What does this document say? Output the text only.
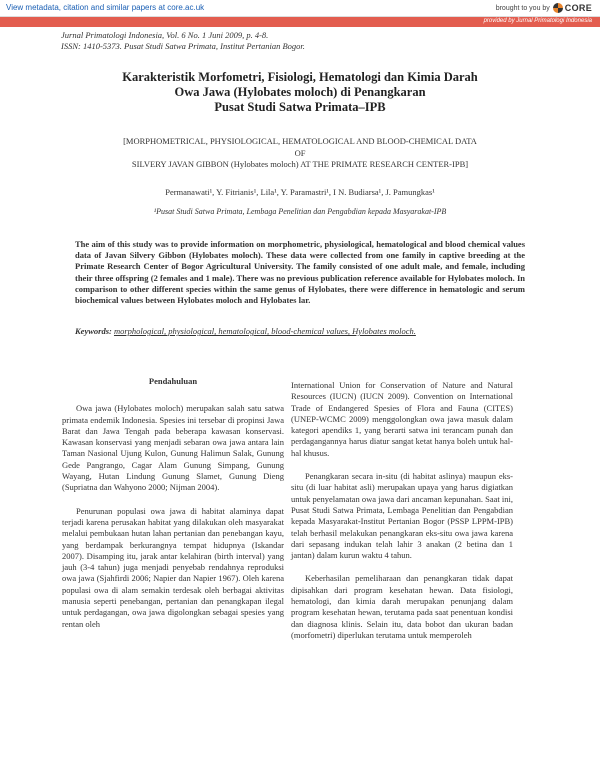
View metadata, citation and similar papers at core.ac.uk	brought to you by CORE
provided by Jurnal Primatologi Indonesia
Jurnal Primatologi Indonesia, Vol. 6 No. 1 Juni 2009, p. 4-8.
ISSN: 1410-5373. Pusat Studi Satwa Primata, Institut Pertanian Bogor.
Karakteristik Morfometri, Fisiologi, Hematologi dan Kimia Darah
Owa Jawa (Hylobates moloch) di Penangkaran
Pusat Studi Satwa Primata–IPB
[MORPHOMETRICAL, PHYSIOLOGICAL, HEMATOLOGICAL AND BLOOD-CHEMICAL DATA
OF
SILVERY JAVAN GIBBON (Hylobates moloch) AT THE PRIMATE RESEARCH CENTER-IPB]
Permanawati¹, Y. Fitrianis¹, Lila¹, Y. Paramastri¹, I N. Budiarsa¹, J. Pamungkas¹
¹Pusat Studi Satwa Primata, Lembaga Penelitian dan Pengabdian kepada Masyarakat-IPB
The aim of this study was to provide information on morphometric, physiological, hematological and blood chemical values data of Javan Silvery Gibbon (Hylobates moloch). These data were collected from one family in captive breeding at the Primate Research Center of Bogor Agricultural University. The family consisted of one adult male, and female, including their three offspring (2 females and 1 male). There was no previous publication reference available for Hylobates moloch. In comparison to other different species within the same genus of Hylobates, there were difference in hematologic and serum biochemical values between Hylobates moloch and Hylobates lar.
Keywords: morphological, physiological, hematological, blood-chemical values, Hylobates moloch.
Pendahuluan

Owa jawa (Hylobates moloch) merupakan salah satu satwa primata endemik Indonesia. Spesies ini tersebar di propinsi Jawa Barat dan Jawa Tengah pada beberapa kawasan konservasi. Kawasan konservasi yang menjadi sebaran owa jawa antara lain Taman Nasional Ujung Kulon, Gunung Halimun Salak, Gunung Gede Pangrango, Cagar Alam Gunung Simpang, Gunung Wayang, Hutan Lindung Gunung Slamet, Gunung Dieng (Supriatna dan Wahyono 2000; Nijman 2004).

Penurunan populasi owa jawa di habitat alaminya dapat terjadi karena perusakan habitat yang dilakukan oleh masyarakat melalui pembukaan hutan lahan pertanian dan penebangan kayu, yang berdampak berkurangnya tempat hidupnya (Iskandar 2007). Disamping itu, jarak antar kelahiran (birth interval) yang jauh (3-4 tahun) juga menjadi penyebab rendahnya reproduksi owa jawa (Sjahfirdi 2006; Napier dan Napier 1967). Oleh karena populasi owa di alam semakin terdesak oleh berbagai aktivitas manusia seperti penebangan, pertanian dan penangkapan ilegal untuk perdagangan, owa jawa digolongkan sebagai spesies yang rentan oleh

International Union for Conservation of Nature and Natural Resources (IUCN) (IUCN 2009). Convention on International Trade of Endangered Spesies of Flora and Fauna (CITES) (UNEP-WCMC 2009) menggolongkan owa jawa masuk dalam kategori apendiks 1, yang berarti satwa ini terancam punah dan perdagangannya harus diatur sangat ketat hanya boleh untuk hal-hal khusus.

Penangkaran secara in-situ (di habitat aslinya) maupun eks-situ (di luar habitat asli) merupakan upaya yang harus digiatkan untuk penyelamatan owa jawa dari ancaman kepunahan. Saat ini, Pusat Studi Satwa Primata, Lembaga Penelitian dan Pengabdian kepada Masyarakat-Institut Pertanian Bogor (PSSP LPPM-IPB) telah berhasil melakukan penangkaran eks-situ owa jawa karena dari sepasang indukan telah lahir 3 anakan (2 betina dan 1 jantan) dalam kurun waktu 4 tahun.

Keberhasilan pemeliharaan dan penangkaran tidak dapat dipisahkan dari program kesehatan hewan. Data fisiologi, hematologi, dan kimia darah merupakan penunjang dalam program kesehatan hewan, terutama pada saat penentuan kondisi dan diagnosa klinis. Selain itu, data bobot dan ukuran badan (morfometri) diperlukan terutama untuk memperoleh
